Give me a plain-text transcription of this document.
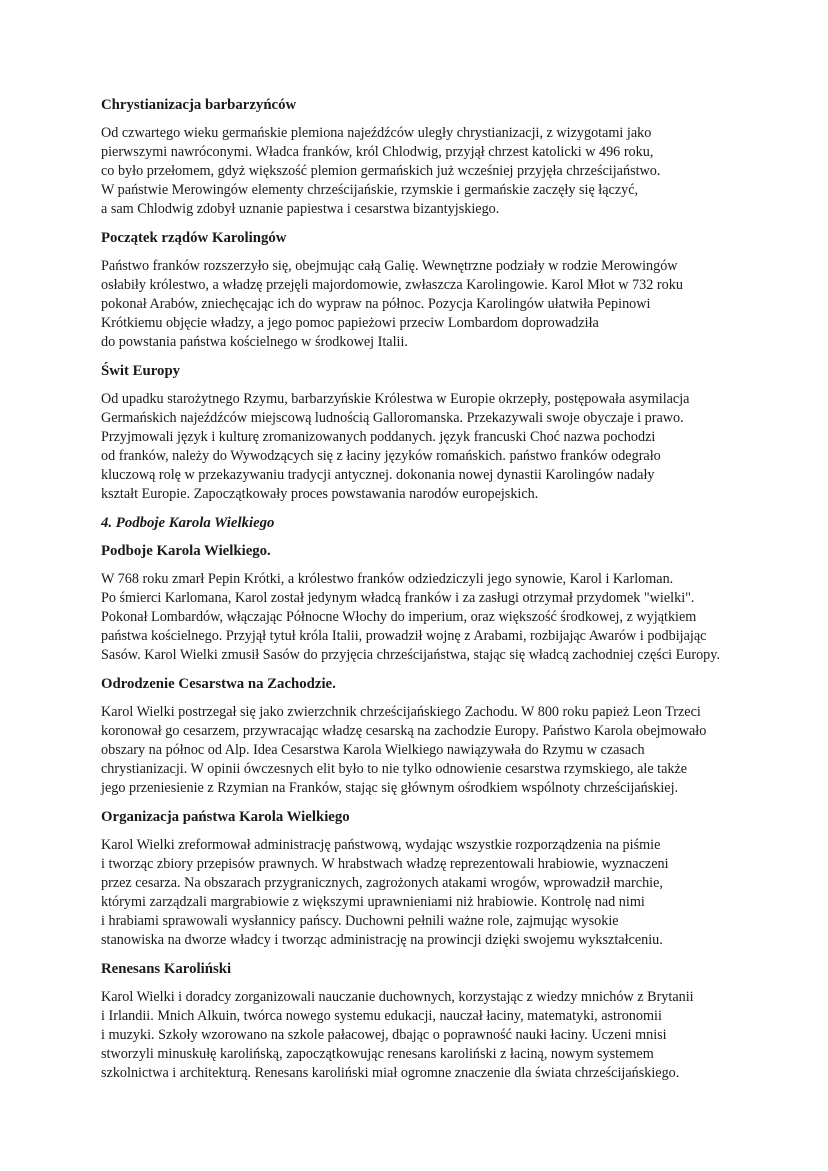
Chrystianizacja barbarzyńców

Od czwartego wieku germańskie plemiona najeźdźców uległy chrystianizacji, z wizygotami jako
pierwszymi nawróconymi. Władca franków, król Chlodwig, przyjął chrzest katolicki w 496 roku,
co było przełomem, gdyż większość plemion germańskich już wcześniej przyjęła chrześcijaństwo.
W państwie Merowingów elementy chrześcijańskie, rzymskie i germańskie zaczęły się łączyć,
a sam Chlodwig zdobył uznanie papiestwa i cesarstwa bizantyjskiego.

Początek rządów Karolingów

Państwo franków rozszerzyło się, obejmując całą Galię. Wewnętrzne podziały w rodzie Merowingów
osłabiły królestwo, a władzę przejęli majordomowie, zwłaszcza Karolingowie. Karol Młot w 732 roku
pokonał Arabów, zniechęcając ich do wypraw na północ. Pozycja Karolingów ułatwiła Pepinowi
Krótkiemu objęcie władzy, a jego pomoc papieżowi przeciw Lombardom doprowadziła
do powstania państwa kościelnego w środkowej Italii.

Świt Europy

Od upadku starożytnego Rzymu, barbarzyńskie Królestwa w Europie okrzepły, postępowała asymilacja
Germańskich najeźdźców miejscową ludnością Galloromanska. Przekazywali swoje obyczaje i prawo.
Przyjmowali język i kulturę zromanizowanych poddanych. język francuski Choć nazwa pochodzi
od franków, należy do Wywodzących się z łaciny języków romańskich. państwo franków odegrało
kluczową rolę w przekazywaniu tradycji antycznej. dokonania nowej dynastii Karolingów nadały
kształt Europie. Zapoczątkowały proces powstawania narodów europejskich.

4. Podboje Karola Wielkiego
Podboje Karola Wielkiego.

W 768 roku zmarł Pepin Krótki, a królestwo franków odziedziczyli jego synowie, Karol i Karloman.
Po śmierci Karlomana, Karol został jedynym władcą franków i za zasługi otrzymał przydomek "wielki".
Pokonał Lombardów, włączając Północne Włochy do imperium, oraz większość środkowej, z wyjątkiem
państwa kościelnego. Przyjął tytuł króla Italii, prowadził wojnę z Arabami, rozbijając Awarów i podbijając
Sasów. Karol Wielki zmusił Sasów do przyjęcia chrześcijaństwa, stając się władcą zachodniej części Europy.

Odrodzenie Cesarstwa na Zachodzie.

Karol Wielki postrzegał się jako zwierzchnik chrześcijańskiego Zachodu. W 800 roku papież Leon Trzeci
koronował go cesarzem, przywracając władzę cesarską na zachodzie Europy. Państwo Karola obejmowało
obszary na północ od Alp. Idea Cesarstwa Karola Wielkiego nawiązywała do Rzymu w czasach
chrystianizacji. W opinii ówczesnych elit było to nie tylko odnowienie cesarstwa rzymskiego, ale także
jego przeniesienie z Rzymian na Franków, stając się głównym ośrodkiem wspólnoty chrześcijańskiej.

Organizacja państwa Karola Wielkiego

Karol Wielki zreformował administrację państwową, wydając wszystkie rozporządzenia na piśmie
i tworząc zbiory przepisów prawnych. W hrabstwach władzę reprezentowali hrabiowie, wyznaczeni
przez cesarza. Na obszarach przygranicznych, zagrożonych atakami wrogów, wprowadził marchie,
którymi zarządzali margrabiowie z większymi uprawnieniami niż hrabiowie. Kontrolę nad nimi
i hrabiami sprawowali wysłannicy pańscy. Duchowni pełnili ważne role, zajmując wysokie
stanowiska na dworze władcy i tworząc administrację na prowincji dzięki swojemu wykształceniu.

Renesans Karoliński

Karol Wielki i doradcy zorganizowali nauczanie duchownych, korzystając z wiedzy mnichów z Brytanii
i Irlandii. Mnich Alkuin, twórca nowego systemu edukacji, nauczał łaciny, matematyki, astronomii
i muzyki. Szkoły wzorowano na szkole pałacowej, dbając o poprawność nauki łaciny. Uczeni mnisi
stworzyli minuskułę karolińską, zapoczątkowując renesans karoliński z łaciną, nowym systemem
szkolnictwa i architekturą. Renesans karoliński miał ogromne znaczenie dla świata chrześcijańskiego.
